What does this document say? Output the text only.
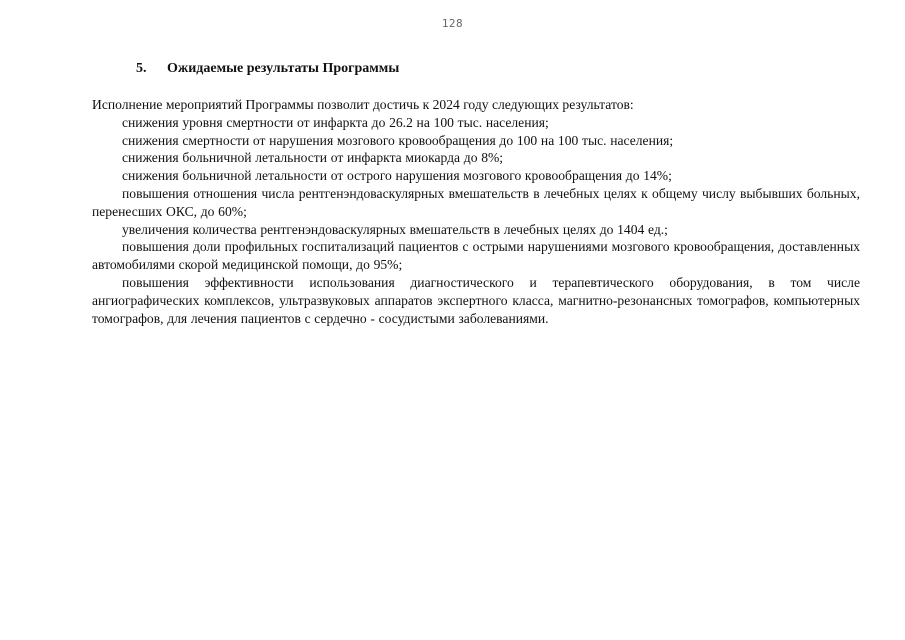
128
5. Ожидаемые результаты Программы

Исполнение мероприятий Программы позволит достичь к 2024 году следующих результатов:

снижения уровня смертности от инфаркта до 26.2 на 100 тыс. населения;
снижения смертности от нарушения мозгового кровообращения до 100 на 100 тыс. населения;
снижения больничной летальности от инфаркта миокарда до 8%;
снижения больничной летальности от острого нарушения мозгового кровообращения до 14%;
повышения отношения числа рентгенэндоваскулярных вмешательств в лечебных целях к общему числу выбывших больных, перенесших ОКС, до 60%;
увеличения количества рентгенэндоваскулярных вмешательств в лечебных целях до 1404 ед.;
повышения доли профильных госпитализаций пациентов с острыми нарушениями мозгового кровообращения, доставленных автомобилями скорой медицинской помощи, до 95%;
повышения эффективности использования диагностического и терапевтического оборудования, в том числе ангиографических комплексов, ультразвуковых аппаратов экспертного класса, магнитно-резонансных томографов, компьютерных томографов, для лечения пациентов с сердечно - сосудистыми заболеваниями.
